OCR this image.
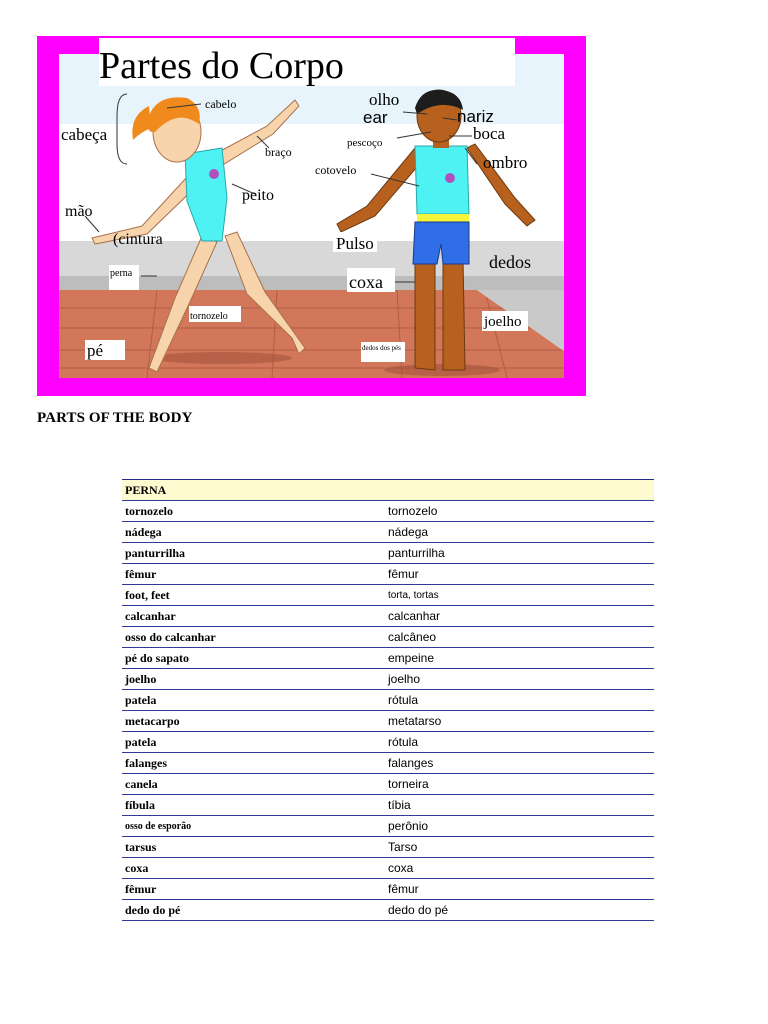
Partes do Corpo
cabeça
cabelo
braço
peito
mão
(cintura
perna
tornozelo
pé
olho
ear	nariz
boca
pescoço
cotovelo	ombro
Pulso
dedos
coxa
joelho
dedos dos pés
PARTS OF THE BODY
PERNA	
tornozelo	tornozelo
nádega	nádega
panturrilha	panturrilha
fêmur	fêmur
foot, feet	torta, tortas
calcanhar	calcanhar
osso do calcanhar	calcâneo
pé do sapato	empeine
joelho	joelho
patela	rótula
metacarpo	metatarso
patela	rótula
falanges	falanges
canela	torneira
fíbula	tíbia
osso de esporão	perônio
tarsus	Tarso
coxa	coxa
fêmur	fêmur
dedo do pé	dedo do pé
